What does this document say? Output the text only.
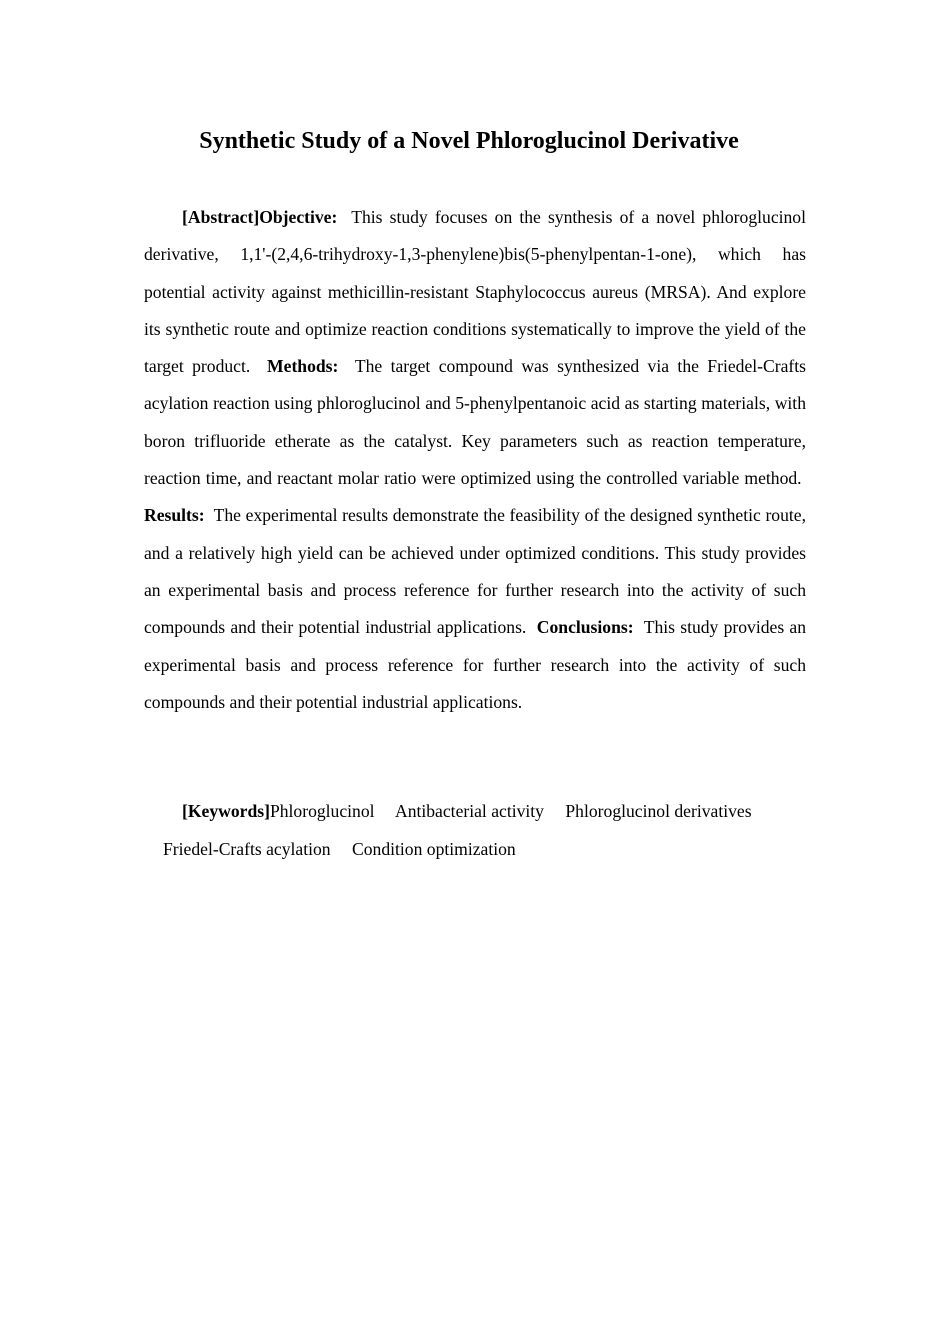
Synthetic Study of a Novel Phloroglucinol Derivative

[Abstract]Objective: This study focuses on the synthesis of a novel phloroglucinol derivative, 1,1'-(2,4,6-trihydroxy-1,3-phenylene)bis(5-phenylpentan-1-one), which has potential activity against methicillin-resistant Staphylococcus aureus (MRSA). And explore its synthetic route and optimize reaction conditions systematically to improve the yield of the target product. Methods: The target compound was synthesized via the Friedel-Crafts acylation reaction using phloroglucinol and 5-phenylpentanoic acid as starting materials, with boron trifluoride etherate as the catalyst. Key parameters such as reaction temperature, reaction time, and reactant molar ratio were optimized using the controlled variable method.  Results: The experimental results demonstrate the feasibility of the designed synthetic route, and a relatively high yield can be achieved under optimized conditions. This study provides an experimental basis and process reference for further research into the activity of such compounds and their potential industrial applications. Conclusions: This study provides an experimental basis and process reference for further research into the activity of such compounds and their potential industrial applications.

[Keywords]Phloroglucinol Antibacterial activity Phloroglucinol derivatives
Friedel-Crafts acylation Condition optimization
